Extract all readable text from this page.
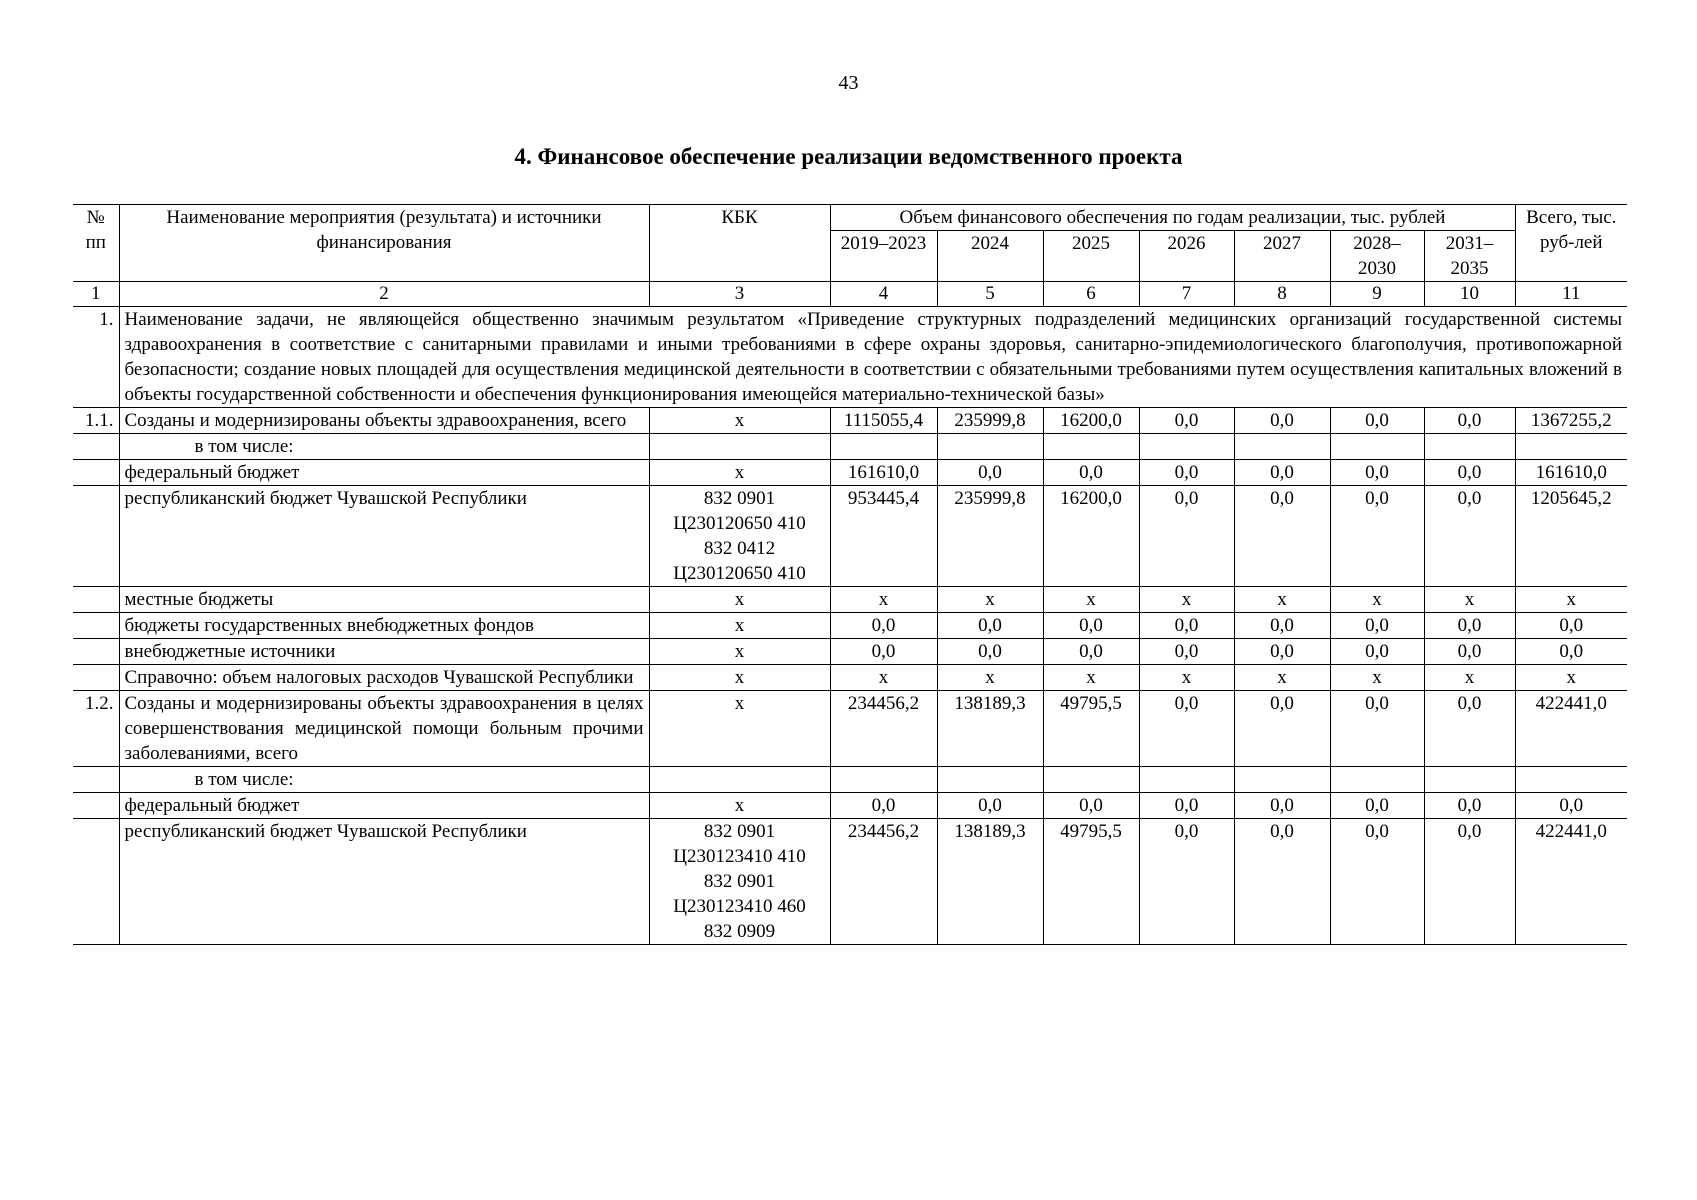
43
4. Финансовое обеспечение реализации ведомственного проекта
№ пп	Наименование мероприятия (результата) и источники финансирования	КБК	Объем финансового обеспечения по годам реализации, тыс. рублей							Всего, тыс. руб-лей
			2019–2023	2024	2025	2026	2027	2028–2030	2031–2035	
1	2	3	4	5	6	7	8	9	10	11
1.	Наименование задачи, не являющейся общественно значимым результатом «Приведение структурных подразделений медицинских организаций государственной системы здравоохранения в соответствие с санитарными правилами и иными требованиями в сфере охраны здоровья, санитарно-эпидемиологического благополучия, противопожарной безопасности; создание новых площадей для осуществления медицинской деятельности в соответствии с обязательными требованиями путем осуществления капитальных вложений в объекты государственной собственности и обеспечения функционирования имеющейся материально-технической базы»									
1.1.	Созданы и модернизированы объекты здравоохранения, всего	х	1115055,4	235999,8	16200,0	0,0	0,0	0,0	0,0	1367255,2
	в том числе:	

	федеральный бюджет	х	161610,0	0,0	0,0	0,0	0,0	0,0	0,0	161610,0
	республиканский бюджет Чувашской Республики	832 0901
Ц230120650 410
832 0412
Ц230120650 410	953445,4	235999,8	16200,0	0,0	0,0	0,0	0,0	1205645,2
	местные бюджеты	х	х	х	х	х	х	х	х	х
	бюджеты государственных внебюджетных фондов	х	0,0	0,0	0,0	0,0	0,0	0,0	0,0	0,0
	внебюджетные источники	х	0,0	0,0	0,0	0,0	0,0	0,0	0,0	0,0
	Справочно: объем налоговых расходов Чувашской Республики	х	х	х	х	х	х	х	х	х
1.2.	Созданы и модернизированы объекты здравоохранения в целях совершенствования медицинской помощи больным прочими заболеваниями, всего	х	234456,2	138189,3	49795,5	0,0	0,0	0,0	0,0	422441,0
	в том числе:	

	федеральный бюджет	х	0,0	0,0	0,0	0,0	0,0	0,0	0,0	0,0
	республиканский бюджет Чувашской Республики	832 0901
Ц230123410 410
832 0901
Ц230123410 460
832 0909	234456,2	138189,3	49795,5	0,0	0,0	0,0	0,0	422441,0
